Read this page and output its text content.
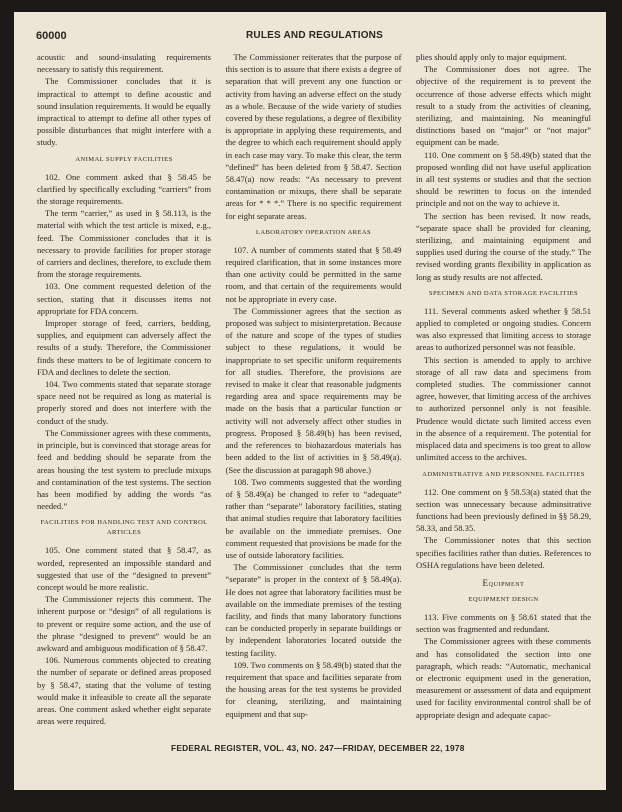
60000	RULES AND REGULATIONS

acoustic and sound-insulating requirements necessary to satisfy this requirement.

The Commissioner concludes that it is impractical to attempt to define acoustic and sound insulation requirements. It would be equally impractical to attempt to define all other types of possible disturbances that might interfere with a study.

ANIMAL SUPPLY FACILITIES

102. One comment asked that § 58.45 be clarified by specifically excluding “carriers” from the storage requirements.

The term “carrier,” as used in § 58.113, is the material with which the test article is mixed, e.g., feed. The Commissioner concludes that it is necessary to provide facilities for proper storage of carriers and declines, therefore, to exclude them from the storage requirements.

103. One comment requested deletion of the section, stating that it discusses items not appropriate for FDA concern.

Improper storage of feed, carriers, bedding, supplies, and equipment can adversely affect the results of a study. Therefore, the Commissioner finds these matters to be of legitimate concern to FDA and declines to delete the section.

104. Two comments stated that separate storage space need not be required as long as material is properly stored and does not interfere with the conduct of the study.

The Commissioner agrees with these comments, in principle, but is convinced that storage areas for feed and bedding should be separate from the areas housing the test system to preclude mixups and contamination of the test systems. The section has been modified by adding the words “as needed.”

FACILITIES FOR HANDLING TEST AND CONTROL ARTICLES

105. One comment stated that § 58.47, as worded, represented an impossible standard and suggested that use of the “designed to prevent” concept would be more realistic.

The Commissioner rejects this comment. The inherent purpose or “design” of all regulations is to prevent or require some action, and the use of the phrase “designed to prevent” would be an awkward and ambiguous modification of § 58.47.

106. Numerous comments objected to creating the number of separate or defined areas proposed by § 58.47, stating that the volume of testing would make it infeasible to create all the separate areas. One comment asked whether eight separate areas were required.

The Commissioner reiterates that the purpose of this section is to assure that there exists a degree of separation that will prevent any one function or activity from having an adverse effect on the study as a whole. Because of the wide variety of studies covered by these regulations, a degree of flexibility is appropriate in applying these requirements, and the degree to which each requirement should apply in each case may vary. To make this clear, the term “defined” has been deleted from § 58.47. Section 58.47(a) now reads: “As necessary to prevent contamination or mixups, there shall be separate areas for * * *.” There is no specific requirement for eight separate areas.

LABORATORY OPERATION AREAS

107. A number of comments stated that § 58.49 required clarification, that in some instances more than one activity could be permitted in the same room, and that certain of the requirements would not be appropriate in every case.

The Commissioner agrees that the section as proposed was subject to misinterpretation. Because of the nature and scope of the types of studies subject to these regulations, it would be inappropriate to set specific uniform requirements for all studies. Therefore, the provisions are revised to make it clear that reasonable judgments regarding area and space requirements may be made on the basis that a particular function or activity will not adversely affect other studies in progress. Proposed § 58.49(b) has been revised, and the references to biohazardous materials has been added to the list of activities in § 58.49(a). (See the discussion at paragaph 98 above.)

108. Two comments suggested that the wording of § 58.49(a) be changed to refer to “adequate” rather than “separate” laboratory facilities, stating that animal studies require that laboratory facilities be available on the immediate premises. One comment requested that provisions be made for the use of outside laboratory facilities.

The Commissioner concludes that the term “separate” is proper in the context of § 58.49(a). He does not agree that laboratory facilities must be available on the immediate premises of the testing facility, and finds that many laboratory functions can be conducted properly in separate buildings or by independent laboratories located outside the testing facility.

109. Two comments on § 58.49(b) stated that the requirement that space and facilities separate from the housing areas for the test systems be provided for cleaning, sterilizing, and maintaining equipment and that sup-

plies should apply only to major equipment.

The Commissioner does not agree. The objective of the requirement is to prevent the occurrence of those adverse effects which might result to a study from the activities of cleaning, sterilizing, and maintaining. No meaningful distinctions based on “major” or “not major” equipment can be made.

110. One comment on § 58.49(b) stated that the proposed wording did not have useful application in all test systems or studies and that the section should be rewritten to focus on the intended principle and not on the way to achieve it.

The section has been revised. It now reads, “separate space shall be provided for cleaning, sterilizing, and maintaining equipment and supplies used during the course of the study.” The revised wording grants flexibility in application as long as study results are not affected.

SPECIMEN AND DATA STORAGE FACILITIES

111. Several comments asked whether § 58.51 applied to completed or ongoing studies. Concern was also expressed that limiting access to storage areas to authorized personnel was not feasible.

This section is amended to apply to archive storage of all raw data and specimens from completed studies. The commissioner cannot agree, however, that limiting access of the archives to authorized personnel only is not feasible. Prudence would dictate such limited access even in the absence of a requirement. The potential for misplaced data and specimens is too great to allow unlimited access to the archives.

ADMINISTRATIVE AND PERSONNEL FACILITIES

112. One comment on § 58.53(a) stated that the section was unnecessary because adminsitrative functions had been previously defined in §§ 58.29, 58.33, and 58.35.

The Commissioner notes that this section specifies facilities rather than duties. References to OSHA regulations have been deleted.

Equipment
EQUIPMENT DESIGN

113. Five comments on § 58.61 stated that the section was fragmented and redundant.

The Commissioner agrees with these comments and has consolidated the section into one paragraph, which reads: “Automatic, mechanical or electronic equipment used in the generation, measurement or assessment of data and equipment used for facility environmental control shall be of appropriate design and adequate capac-

FEDERAL REGISTER, VOL. 43, NO. 247—FRIDAY, DECEMBER 22, 1978
